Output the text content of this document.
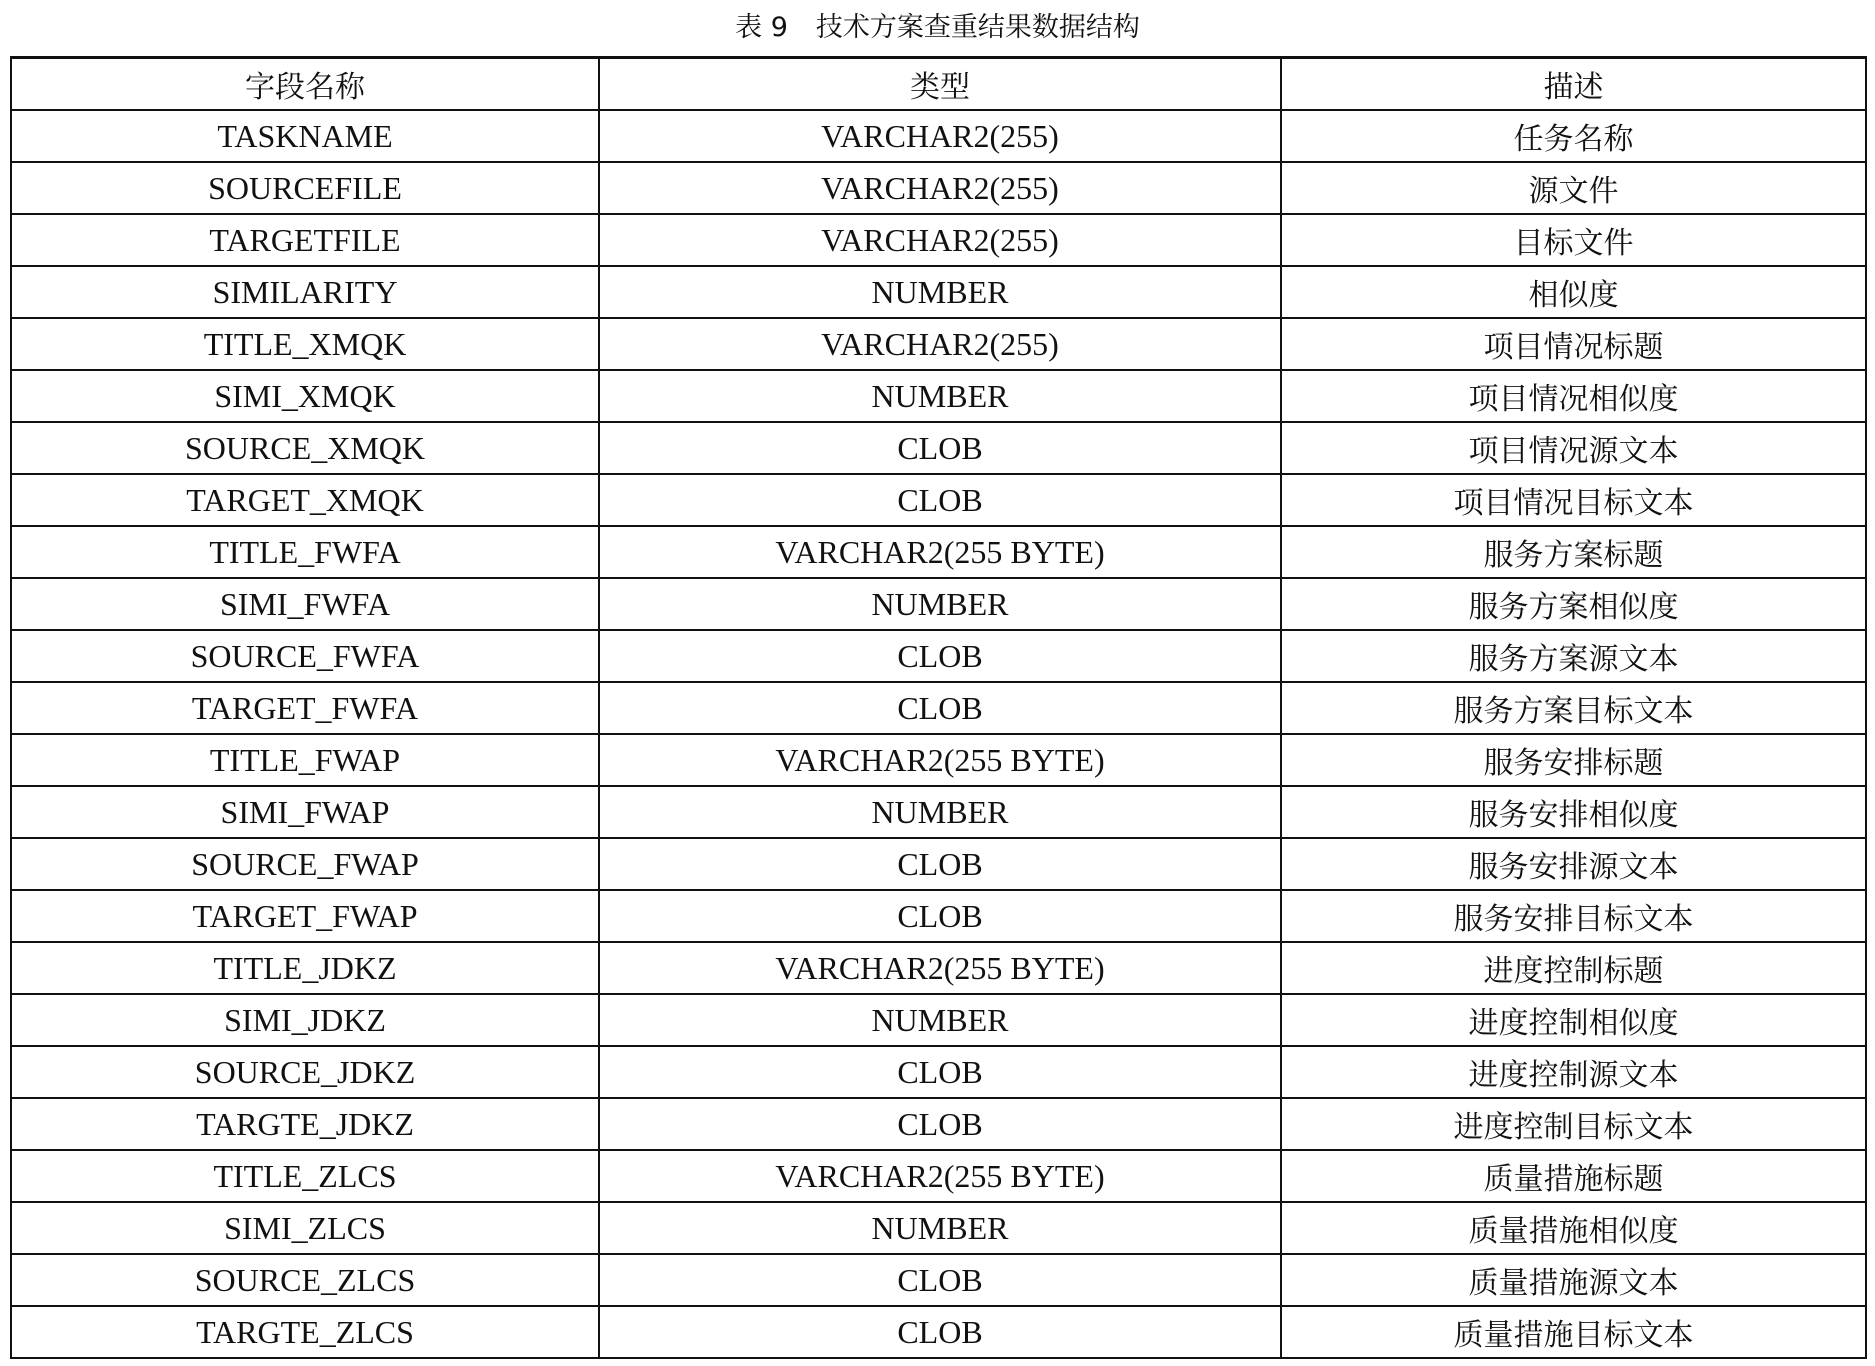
表 9 技术方案查重结果数据结构
字段名称	类型	描述
TASKNAME	VARCHAR2(255)	任务名称
SOURCEFILE	VARCHAR2(255)	源文件
TARGETFILE	VARCHAR2(255)	目标文件
SIMILARITY	NUMBER	相似度
TITLE_XMQK	VARCHAR2(255)	项目情况标题
SIMI_XMQK	NUMBER	项目情况相似度
SOURCE_XMQK	CLOB	项目情况源文本
TARGET_XMQK	CLOB	项目情况目标文本
TITLE_FWFA	VARCHAR2(255 BYTE)	服务方案标题
SIMI_FWFA	NUMBER	服务方案相似度
SOURCE_FWFA	CLOB	服务方案源文本
TARGET_FWFA	CLOB	服务方案目标文本
TITLE_FWAP	VARCHAR2(255 BYTE)	服务安排标题
SIMI_FWAP	NUMBER	服务安排相似度
SOURCE_FWAP	CLOB	服务安排源文本
TARGET_FWAP	CLOB	服务安排目标文本
TITLE_JDKZ	VARCHAR2(255 BYTE)	进度控制标题
SIMI_JDKZ	NUMBER	进度控制相似度
SOURCE_JDKZ	CLOB	进度控制源文本
TARGTE_JDKZ	CLOB	进度控制目标文本
TITLE_ZLCS	VARCHAR2(255 BYTE)	质量措施标题
SIMI_ZLCS	NUMBER	质量措施相似度
SOURCE_ZLCS	CLOB	质量措施源文本
TARGTE_ZLCS	CLOB	质量措施目标文本
